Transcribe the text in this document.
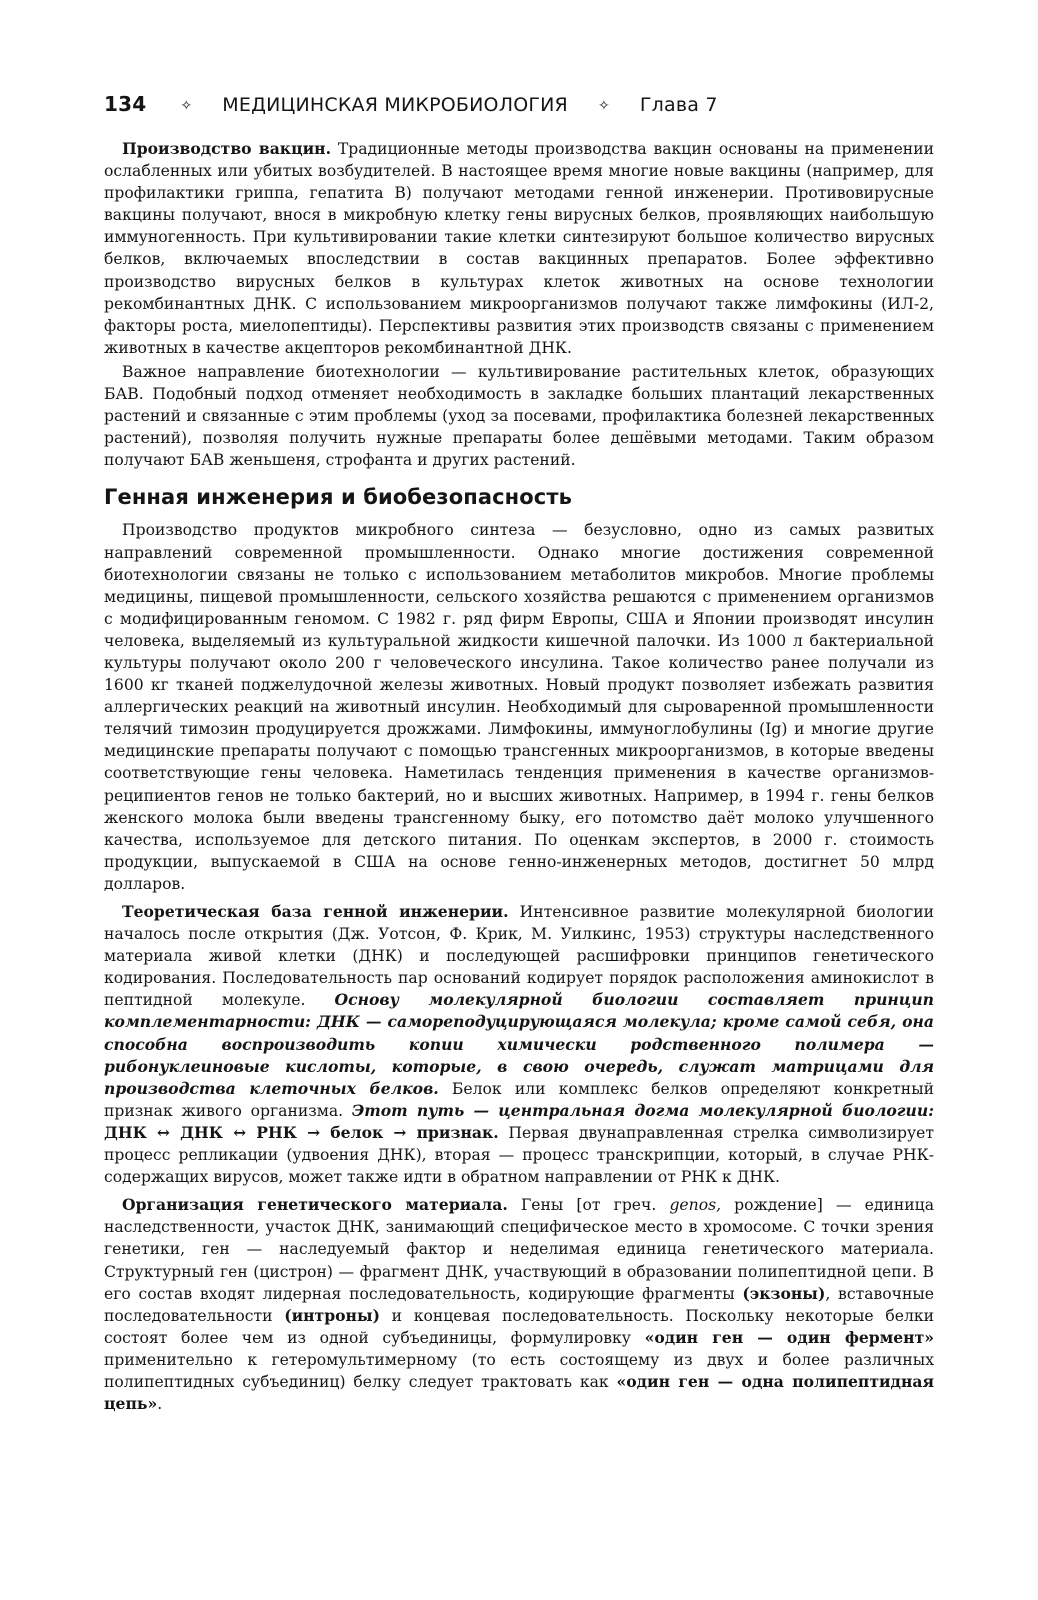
134 ✧ МЕДИЦИНСКАЯ МИКРОБИОЛОГИЯ ✧ Глава 7

Производство вакцин. Традиционные методы производства вакцин основаны на применении ослабленных или убитых возбудителей. В настоящее время многие новые вакцины (например, для профилактики гриппа, гепатита B) получают методами генной инженерии. Противовирусные вакцины получают, внося в микробную клетку гены вирусных белков, проявляющих наибольшую иммуногенность. При культивировании такие клетки синтезируют большое количество вирусных белков, включаемых впоследствии в состав вакцинных препаратов. Более эффективно производство вирусных белков в культурах клеток животных на основе технологии рекомбинантных ДНК. С использованием микроорганизмов получают также лимфокины (ИЛ-2, факторы роста, миелопептиды). Перспективы развития этих производств связаны с применением животных в качестве акцепторов рекомбинантной ДНК.

Важное направление биотехнологии — культивирование растительных клеток, образующих БАВ. Подобный подход отменяет необходимость в закладке больших плантаций лекарственных растений и связанные с этим проблемы (уход за посевами, профилактика болезней лекарственных растений), позволяя получить нужные препараты более дешёвыми методами. Таким образом получают БАВ женьшеня, строфанта и других растений.

Генная инженерия и биобезопасность

Производство продуктов микробного синтеза — безусловно, одно из самых развитых направлений современной промышленности. Однако многие достижения современной биотехнологии связаны не только с использованием метаболитов микробов. Многие проблемы медицины, пищевой промышленности, сельского хозяйства решаются с применением организмов с модифицированным геномом. С 1982 г. ряд фирм Европы, США и Японии производят инсулин человека, выделяемый из культуральной жидкости кишечной палочки. Из 1000 л бактериальной культуры получают около 200 г человеческого инсулина. Такое количество ранее получали из 1600 кг тканей поджелудочной железы животных. Новый продукт позволяет избежать развития аллергических реакций на животный инсулин. Необходимый для сыроваренной промышленности телячий тимозин продуцируется дрожжами. Лимфокины, иммуноглобулины (Ig) и многие другие медицинские препараты получают с помощью трансгенных микроорганизмов, в которые введены соответствующие гены человека. Наметилась тенденция применения в качестве организмов-реципиентов генов не только бактерий, но и высших животных. Например, в 1994 г. гены белков женского молока были введены трансгенному быку, его потомство даёт молоко улучшенного качества, используемое для детского питания. По оценкам экспертов, в 2000 г. стоимость продукции, выпускаемой в США на основе генно-инженерных методов, достигнет 50 млрд долларов.

Теоретическая база генной инженерии. Интенсивное развитие молекулярной биологии началось после открытия (Дж. Уотсон, Ф. Крик, М. Уилкинс, 1953) структуры наследственного материала живой клетки (ДНК) и последующей расшифровки принципов генетического кодирования. Последовательность пар оснований кодирует порядок расположения аминокислот в пептидной молекуле. Основу молекулярной биологии составляет принцип комплементарности: ДНК — самореподуцирующаяся молекула; кроме самой себя, она способна воспроизводить копии химически родственного полимера — рибонуклеиновые кислоты, которые, в свою очередь, служат матрицами для производства клеточных белков. Белок или комплекс белков определяют конкретный признак живого организма. Этот путь — центральная догма молекулярной биологии: ДНК ↔ ДНК ↔ РНК → белок → признак. Первая двунаправленная стрелка символизирует процесс репликации (удвоения ДНК), вторая — процесс транскрипции, который, в случае РНК-содержащих вирусов, может также идти в обратном направлении от РНК к ДНК.

Организация генетического материала. Гены [от греч. genos, рождение] — единица наследственности, участок ДНК, занимающий специфическое место в хромосоме. С точки зрения генетики, ген — наследуемый фактор и неделимая единица генетического материала. Структурный ген (цистрон) — фрагмент ДНК, участвующий в образовании полипептидной цепи. В его состав входят лидерная последовательность, кодирующие фрагменты (экзоны), вставочные последовательности (интроны) и концевая последовательность. Поскольку некоторые белки состоят более чем из одной субъединицы, формулировку «один ген — один фермент» применительно к гетеромультимерному (то есть состоящему из двух и более различных полипептидных субъединиц) белку следует трактовать как «один ген — одна полипептидная цепь».
